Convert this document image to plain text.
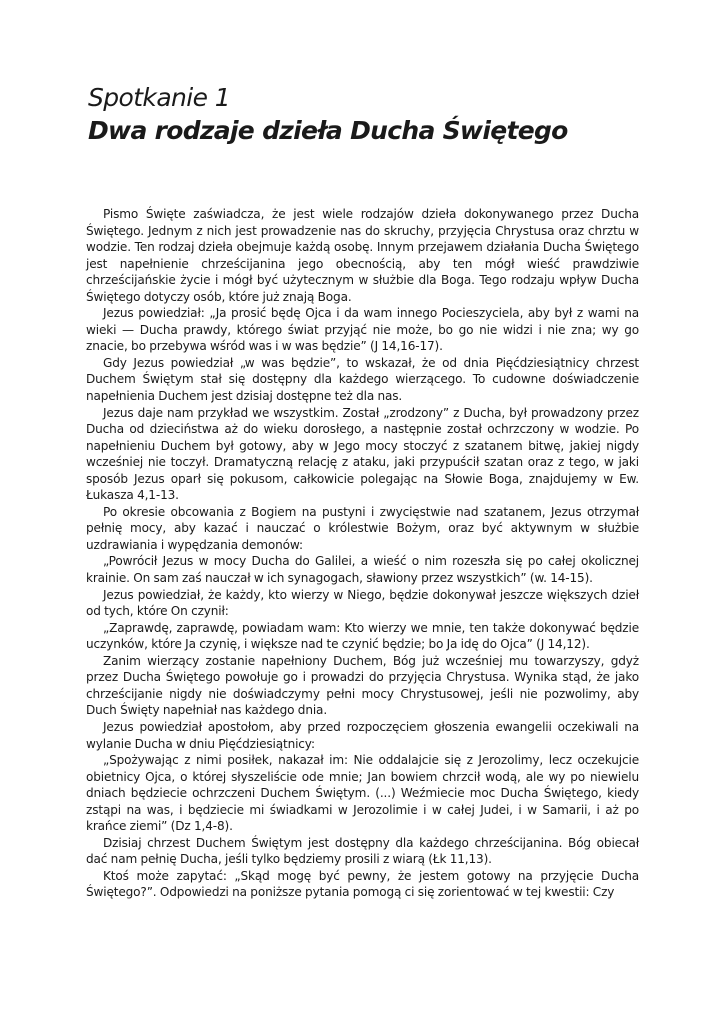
Spotkanie 1
Dwa rodzaje dzieła Ducha Świętego

Pismo Święte zaświadcza, że jest wiele rodzajów dzieła dokonywanego przez Ducha Świętego. Jednym z nich jest prowadzenie nas do skruchy, przyjęcia Chrystusa oraz chrztu w wodzie. Ten rodzaj dzieła obejmuje każdą osobę. Innym przejawem działania Ducha Świętego jest napełnienie chrześcijanina jego obecnością, aby ten mógł wieść prawdziwie chrześcijańskie życie i mógł być użytecznym w służbie dla Boga. Tego rodzaju wpływ Ducha Świętego dotyczy osób, które już znają Boga.

Jezus powiedział: „Ja prosić będę Ojca i da wam innego Pocieszyciela, aby był z wami na wieki — Ducha prawdy, którego świat przyjąć nie może, bo go nie widzi i nie zna; wy go znacie, bo przebywa wśród was i w was będzie” (J 14,16-17).

Gdy Jezus powiedział „w was będzie”, to wskazał, że od dnia Pięćdziesiątnicy chrzest Duchem Świętym stał się dostępny dla każdego wierzącego. To cudowne doświadczenie napełnienia Duchem jest dzisiaj dostępne też dla nas.

Jezus daje nam przykład we wszystkim. Został „zrodzony” z Ducha, był prowadzony przez Ducha od dzieciństwa aż do wieku dorosłego, a następnie został ochrzczony w wodzie. Po napełnieniu Duchem był gotowy, aby w Jego mocy stoczyć z szatanem bitwę, jakiej nigdy wcześniej nie toczył. Dramatyczną relację z ataku, jaki przypuścił szatan oraz z tego, w jaki sposób Jezus oparł się pokusom, całkowicie polegając na Słowie Boga, znajdujemy w Ew. Łukasza 4,1-13.

Po okresie obcowania z Bogiem na pustyni i zwycięstwie nad szatanem, Jezus otrzymał pełnię mocy, aby kazać i nauczać o królestwie Bożym, oraz być aktywnym w służbie uzdrawiania i wypędzania demonów:

„Powrócił Jezus w mocy Ducha do Galilei, a wieść o nim rozeszła się po całej okolicznej krainie. On sam zaś nauczał w ich synagogach, sławiony przez wszystkich” (w. 14-15).

Jezus powiedział, że każdy, kto wierzy w Niego, będzie dokonywał jeszcze większych dzieł od tych, które On czynił:

„Zaprawdę, zaprawdę, powiadam wam: Kto wierzy we mnie, ten także dokonywać będzie uczynków, które Ja czynię, i większe nad te czynić będzie; bo Ja idę do Ojca” (J 14,12).

Zanim wierzący zostanie napełniony Duchem, Bóg już wcześniej mu towarzyszy, gdyż przez Ducha Świętego powołuje go i prowadzi do przyjęcia Chrystusa. Wynika stąd, że jako chrześcijanie nigdy nie doświadczymy pełni mocy Chrystusowej, jeśli nie pozwolimy, aby Duch Święty napełniał nas każdego dnia.

Jezus powiedział apostołom, aby przed rozpoczęciem głoszenia ewangelii oczekiwali na wylanie Ducha w dniu Pięćdziesiątnicy:

„Spożywając z nimi posiłek, nakazał im: Nie oddalajcie się z Jerozolimy, lecz oczekujcie obietnicy Ojca, o której słyszeliście ode mnie; Jan bowiem chrzcił wodą, ale wy po niewielu dniach będziecie ochrzczeni Duchem Świętym. (...) Weźmiecie moc Ducha Świętego, kiedy zstąpi na was, i będziecie mi świadkami w Jerozolimie i w całej Judei, i w Samarii, i aż po krańce ziemi” (Dz 1,4-8).

Dzisiaj chrzest Duchem Świętym jest dostępny dla każdego chrześcijanina. Bóg obiecał dać nam pełnię Ducha, jeśli tylko będziemy prosili z wiarą (Łk 11,13).

Ktoś może zapytać: „Skąd mogę być pewny, że jestem gotowy na przyjęcie Ducha Świętego?”. Odpowiedzi na poniższe pytania pomogą ci się zorientować w tej kwestii: Czy
